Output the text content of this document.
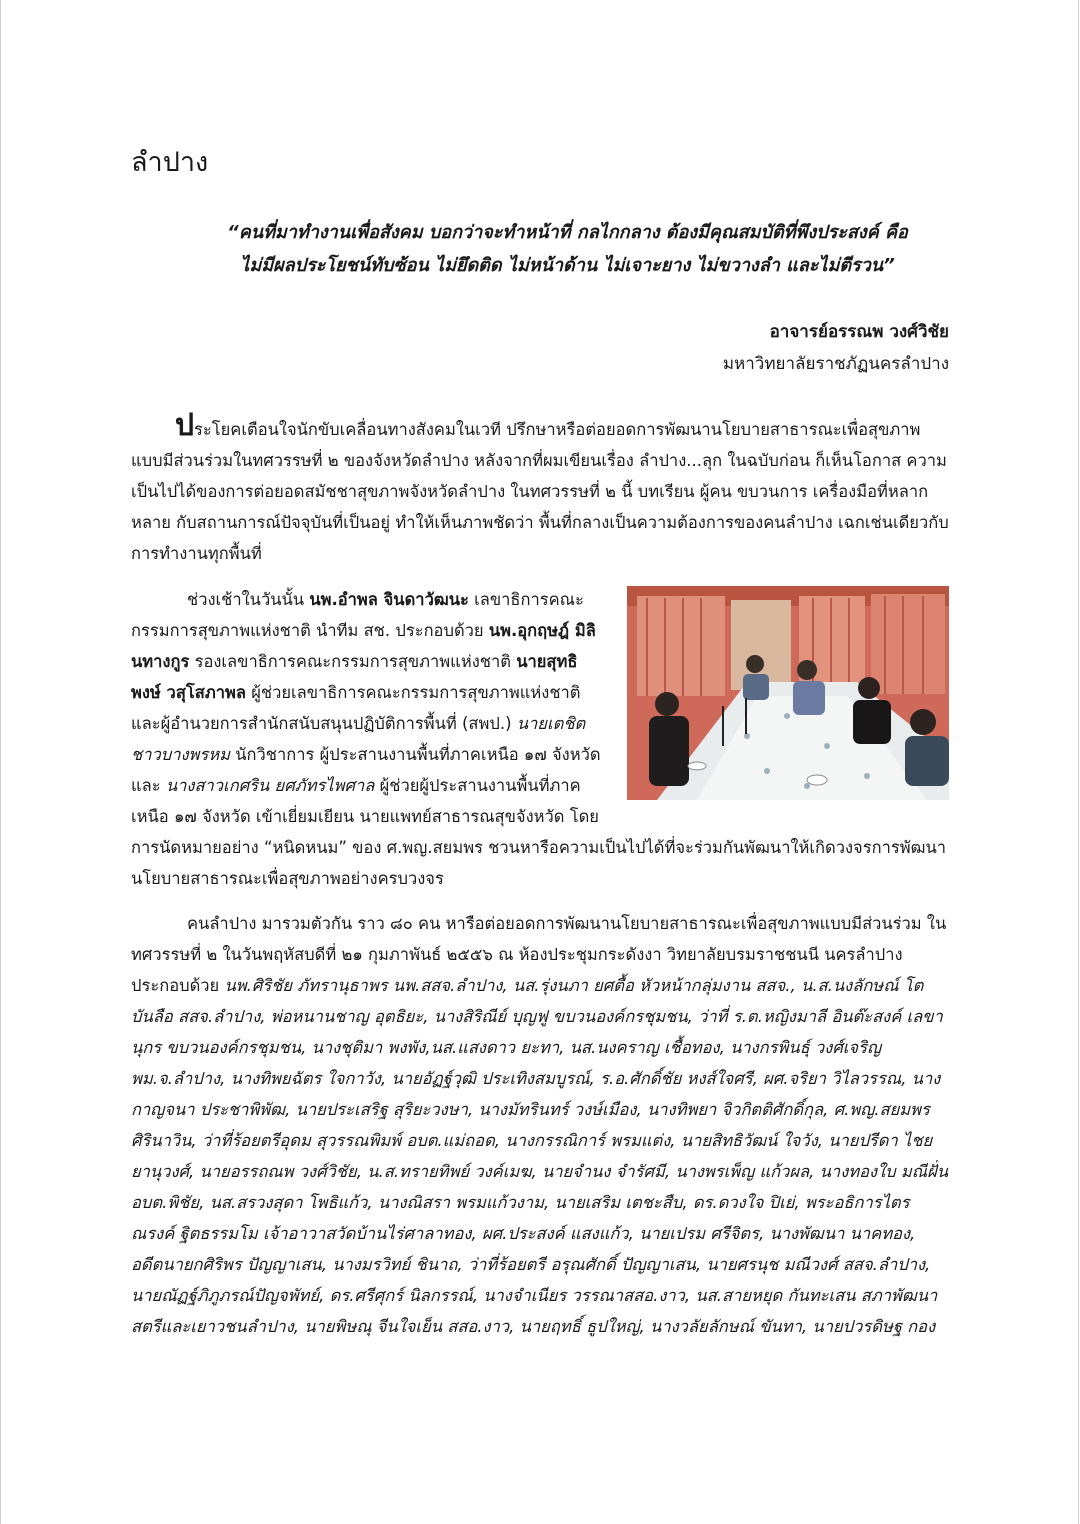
ลำปาง
“คนที่มาทำงานเพื่อสังคม บอกว่าจะทำหน้าที่ กลไกกลาง ต้องมีคุณสมบัติที่พึงประสงค์ คือ
ไม่มีผลประโยชน์ทับซ้อน ไม่ยึดติด ไม่หน้าด้าน ไม่เจาะยาง ไม่ขวางลำ และไม่ตีรวน”
อาจารย์อรรณพ วงศ์วิชัย
มหาวิทยาลัยราชภัฏนครลำปาง
ประโยคเตือนใจนักขับเคลื่อนทางสังคมในเวที ปรึกษาหรือต่อยอดการพัฒนานโยบายสาธารณะเพื่อสุขภาพแบบมีส่วนร่วมในทศวรรษที่ ๒ ของจังหวัดลำปาง หลังจากที่ผมเขียนเรื่อง ลำปาง...ลุก ในฉบับก่อน ก็เห็นโอกาส ความเป็นไปได้ของการต่อยอดสมัชชาสุขภาพจังหวัดลำปาง ในทศวรรษที่ ๒ นี้ บทเรียน ผู้คน ขบวนการ เครื่องมือที่หลากหลาย กับสถานการณ์ปัจจุบันที่เป็นอยู่ ทำให้เห็นภาพชัดว่า พื้นที่กลางเป็นความต้องการของคนลำปาง เฉกเช่นเดียวกับการทำงานทุกพื้นที่
ช่วงเช้าในวันนั้น นพ.อำพล จินดาวัฒนะ เลขาธิการคณะกรรมการสุขภาพแห่งชาติ นำทีม สช. ประกอบด้วย นพ.อุกฤษฎ์ มิลินทางกูร รองเลขาธิการคณะกรรมการสุขภาพแห่งชาติ นายสุทธิพงษ์ วสุโสภาพล ผู้ช่วยเลขาธิการคณะกรรมการสุขภาพแห่งชาติ และผู้อำนวยการสำนักสนับสนุนปฏิบัติการพื้นที่ (สพป.) นายเตชิต ชาวบางพรหม นักวิชาการ ผู้ประสานงานพื้นที่ภาคเหนือ ๑๗ จังหวัด และ นางสาวเกศริน ยศภัทรไพศาล ผู้ช่วยผู้ประสานงานพื้นที่ภาคเหนือ ๑๗ จังหวัด เข้าเยี่ยมเยียน นายแพทย์สาธารณสุขจังหวัด โดยการนัดหมายอย่าง “หนิดหนม” ของ ศ.พญ.สยมพร ชวนหารือความเป็นไปได้ที่จะร่วมกันพัฒนาให้เกิดวงจรการพัฒนานโยบายสาธารณะเพื่อสุขภาพอย่างครบวงจร
คนลำปาง มารวมตัวกัน ราว ๘๐ คน หารือต่อยอดการพัฒนานโยบายสาธารณะเพื่อสุขภาพแบบมีส่วนร่วม ในทศวรรษที่ ๒ ในวันพฤหัสบดีที่ ๒๑ กุมภาพันธ์ ๒๕๕๖ ณ ห้องประชุมกระดังงา วิทยาลัยบรมราชชนนี นครลำปาง ประกอบด้วย นพ.ศิริชัย ภัทรานุธาพร นพ.สสจ.ลำปาง, นส.รุ่งนภา ยศตื้อ หัวหน้ากลุ่มงาน สสจ., น.ส.นงลักษณ์ โตบันลือ สสจ.ลำปาง, พ่อหนานชาญ อุตธิยะ, นางสิริณีย์ บุญฟู ขบวนองค์กรชุมชน, ว่าที่ ร.ต.หญิงมาลี อินต๊ะสงค์ เลขานุกร ขบวนองค์กรชุมชน, นางชุติมา พงพัง,นส.แสงดาว ยะทา, นส.นงคราญ เชื้อทอง, นางกรพินธุ์ วงศ์เจริญ พม.จ.ลำปาง, นางทิพยฉัตร ใจกาวัง, นายอัฏฐ์วุฒิ ประเทิงสมบูรณ์, ร.อ.ศักดิ์ชัย หงส์ใจศรี, ผศ.จริยา วิไลวรรณ, นางกาญจนา ประชาพิพัฒ, นายประเสริฐ สุริยะวงษา, นางมัทรินทร์ วงษ์เมือง, นางทิพยา จิวกิตติศักดิ์กุล, ศ.พญ.สยมพร ศิรินาวิน, ว่าที่ร้อยตรีอุดม สุวรรณพิมพ์ อบต.แม่ถอด, นางกรรณิการ์ พรมแต่ง, นายสิทธิวัฒน์ ใจวัง, นายปรีดา ไชยยานุวงศ์, นายอรรถณพ วงศ์วิชัย, น.ส.ทรายทิพย์ วงค์เมฆ, นายจำนง จำรัศมี, นางพรเพ็ญ แก้วผล, นางทองใบ มณีฝั่น อบต.พิชัย, นส.สรวงสุดา โพธิแก้ว, นางณิสรา พรมแก้วงาม, นายเสริม เตชะสืบ, ดร.ดวงใจ ปิเย่, พระอธิการไตรณรงค์ ฐิตธรรมโม เจ้าอาวาสวัดบ้านไร่ศาลาทอง, ผศ.ประสงค์ แสงแก้ว, นายเปรม ศรีจิตร, นางพัฒนา นาคทอง, อดีตนายกศิริพร ปัญญาเสน, นางมรวิทย์ ชินาถ, ว่าที่ร้อยตรี อรุณศักดิ์ ปัญญาเสน, นายศรนุช มณีวงศ์ สสจ.ลำปาง, นายณัฏฐ์ภิภูภรณ์ปัญจพัทย์, ดร.ศรีศุกร์ นิลกรรณ์, นางจำเนียร วรรณาสสอ.งาว, นส.สายหยุด กันทะเสน สภาพัฒนาสตรีและเยาวชนลำปาง, นายพิษณุ จีนใจเย็น สสอ.งาว, นายฤทธิ์ ธูปใหญ่, นางวลัยลักษณ์ ขันทา, นายปวรดิษฐ กอง
